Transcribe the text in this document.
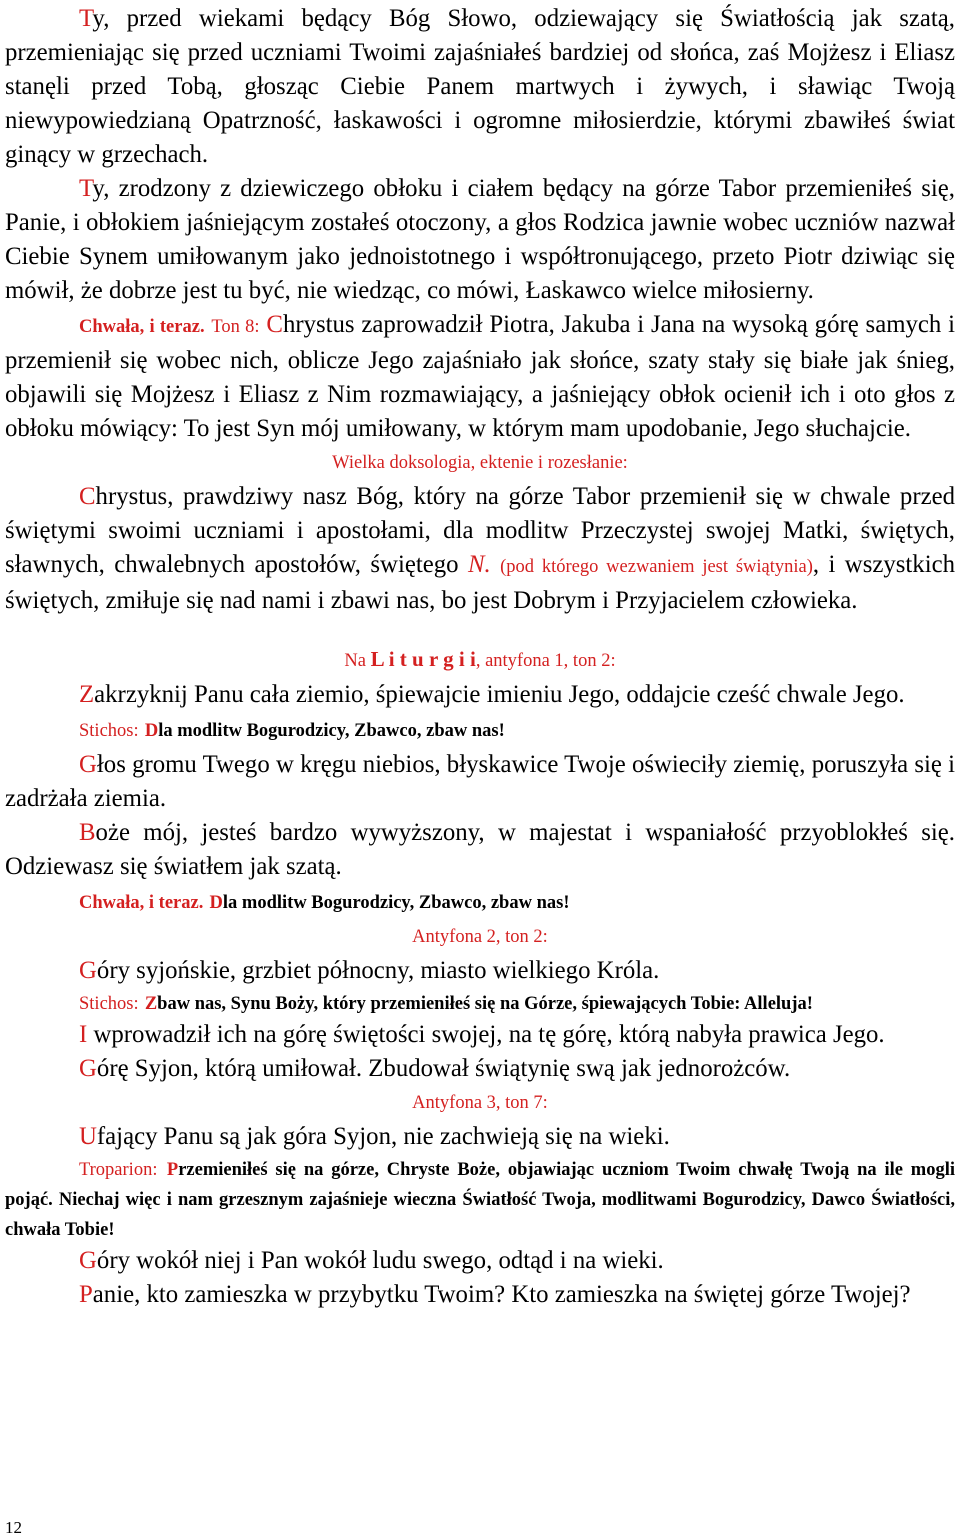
Ty, przed wiekami będący Bóg Słowo, odziewający się Światłością jak szatą, przemieniając się przed uczniami Twoimi zajaśniałeś bardziej od słońca, zaś Mojżesz i Eliasz stanęli przed Tobą, głosząc Ciebie Panem martwych i żywych, i sławiąc Twoją niewypowiedzianą Opatrzność, łaskawości i ogromne miłosierdzie, którymi zbawiłeś świat ginący w grzechach.

Ty, zrodzony z dziewiczego obłoku i ciałem będący na górze Tabor przemieniłeś się, Panie, i obłokiem jaśniejącym zostałeś otoczony, a głos Rodzica jawnie wobec uczniów nazwał Ciebie Synem umiłowanym jako jednoistotnego i współtronującego, przeto Piotr dziwiąc się mówił, że dobrze jest tu być, nie wiedząc, co mówi, Łaskawco wielce miłosierny.

Chwała, i teraz. Ton 8: Chrystus zaprowadził Piotra, Jakuba i Jana na wysoką górę samych i przemienił się wobec nich, oblicze Jego zajaśniało jak słońce, szaty stały się białe jak śnieg, objawili się Mojżesz i Eliasz z Nim rozmawiający, a jaśniejący obłok ocienił ich i oto głos z obłoku mówiący: To jest Syn mój umiłowany, w którym mam upodobanie, Jego słuchajcie.

Wielka doksologia, ektenie i rozesłanie:

Chrystus, prawdziwy nasz Bóg, który na górze Tabor przemienił się w chwale przed świętymi swoimi uczniami i apostołami, dla modlitw Przeczystej swojej Matki, świętych, sławnych, chwalebnych apostołów, świętego N. (pod którego wezwaniem jest świątynia), i wszystkich świętych, zmiłuje się nad nami i zbawi nas, bo jest Dobrym i Przyjacielem człowieka.

Na L i t u r g i i, antyfona 1, ton 2:

Zakrzyknij Panu cała ziemio, śpiewajcie imieniu Jego, oddajcie cześć chwale Jego.

Stichos: Dla modlitw Bogurodzicy, Zbawco, zbaw nas!

Głos gromu Twego w kręgu niebios, błyskawice Twoje oświeciły ziemię, poruszyła się i zadrżała ziemia.

Boże mój, jesteś bardzo wywyższony, w majestat i wspaniałość przyoblokłeś się. Odziewasz się światłem jak szatą.

Chwała, i teraz. Dla modlitw Bogurodzicy, Zbawco, zbaw nas!

Antyfona 2, ton 2:

Góry syjońskie, grzbiet północny, miasto wielkiego Króla.

Stichos: Zbaw nas, Synu Boży, który przemieniłeś się na Górze, śpiewających Tobie: Alleluja!

I wprowadził ich na górę świętości swojej, na tę górę, którą nabyła prawica Jego.

Górę Syjon, którą umiłował. Zbudował świątynię swą jak jednorożców.

Antyfona 3, ton 7:

Ufający Panu są jak góra Syjon, nie zachwieją się na wieki.

Troparion: Przemieniłeś się na górze, Chryste Boże, objawiając uczniom Twoim chwałę Twoją na ile mogli pojąć. Niechaj więc i nam grzesznym zajaśnieje wieczna Światłość Twoja, modlitwami Bogurodzicy, Dawco Światłości, chwała Tobie!

Góry wokół niej i Pan wokół ludu swego, odtąd i na wieki.

Panie, kto zamieszka w przybytku Twoim? Kto zamieszka na świętej górze Twojej?

12
